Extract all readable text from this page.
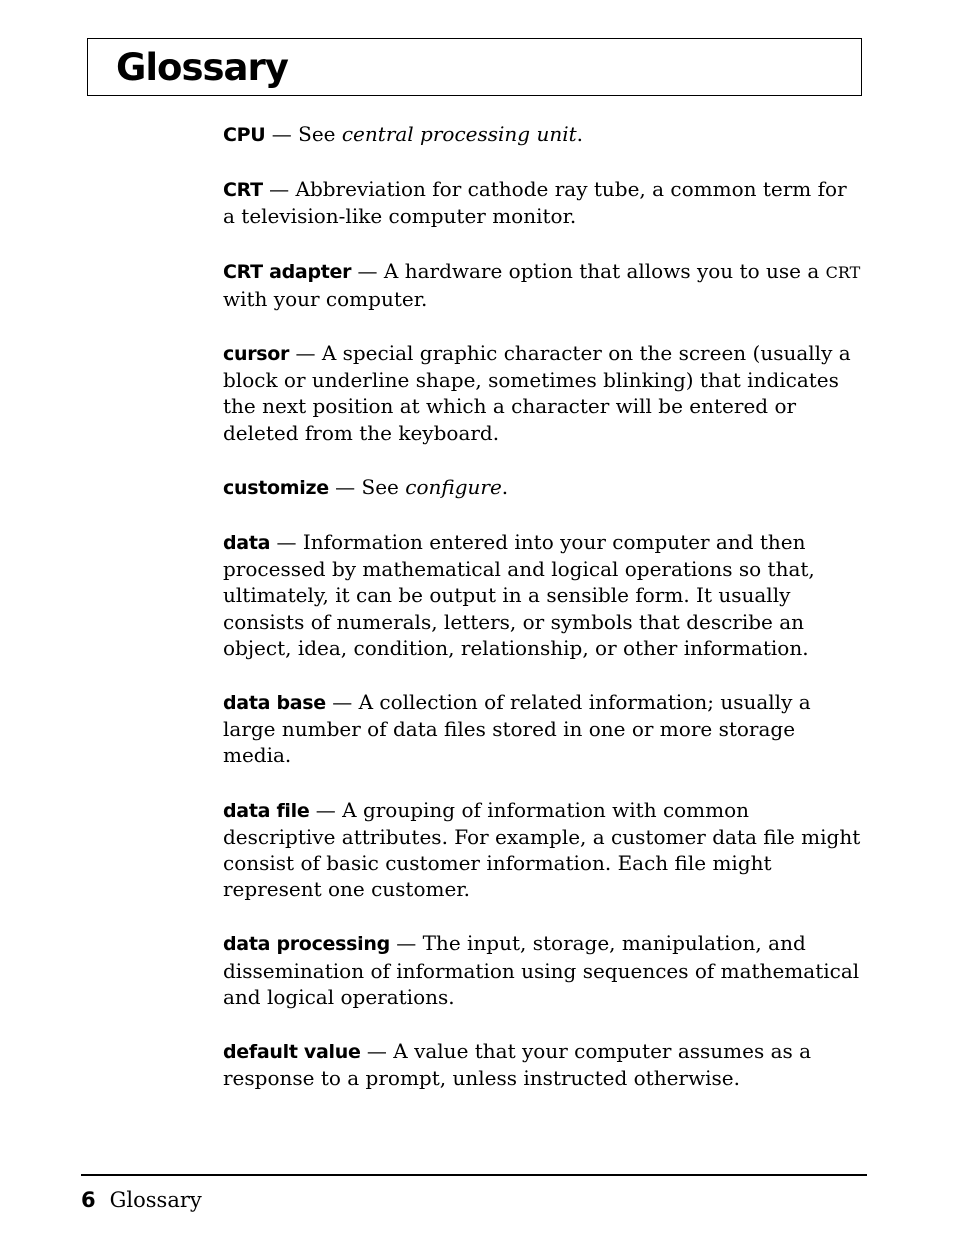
Glossary

CPU — See central processing unit.

CRT — Abbreviation for cathode ray tube, a common term for a television-like computer monitor.

CRT adapter — A hardware option that allows you to use a CRT with your computer.

cursor — A special graphic character on the screen (usually a block or underline shape, sometimes blinking) that indicates the next position at which a character will be entered or deleted from the keyboard.

customize — See configure.

data — Information entered into your computer and then processed by mathematical and logical operations so that, ultimately, it can be output in a sensible form. It usually consists of numerals, letters, or symbols that describe an object, idea, condition, relationship, or other information.

data base — A collection of related information; usually a large number of data files stored in one or more storage media.

data file — A grouping of information with common descriptive attributes. For example, a customer data file might consist of basic customer information. Each file might represent one customer.

data processing — The input, storage, manipulation, and dissemination of information using sequences of mathematical and logical operations.

default value — A value that your computer assumes as a response to a prompt, unless instructed otherwise.

6 Glossary
